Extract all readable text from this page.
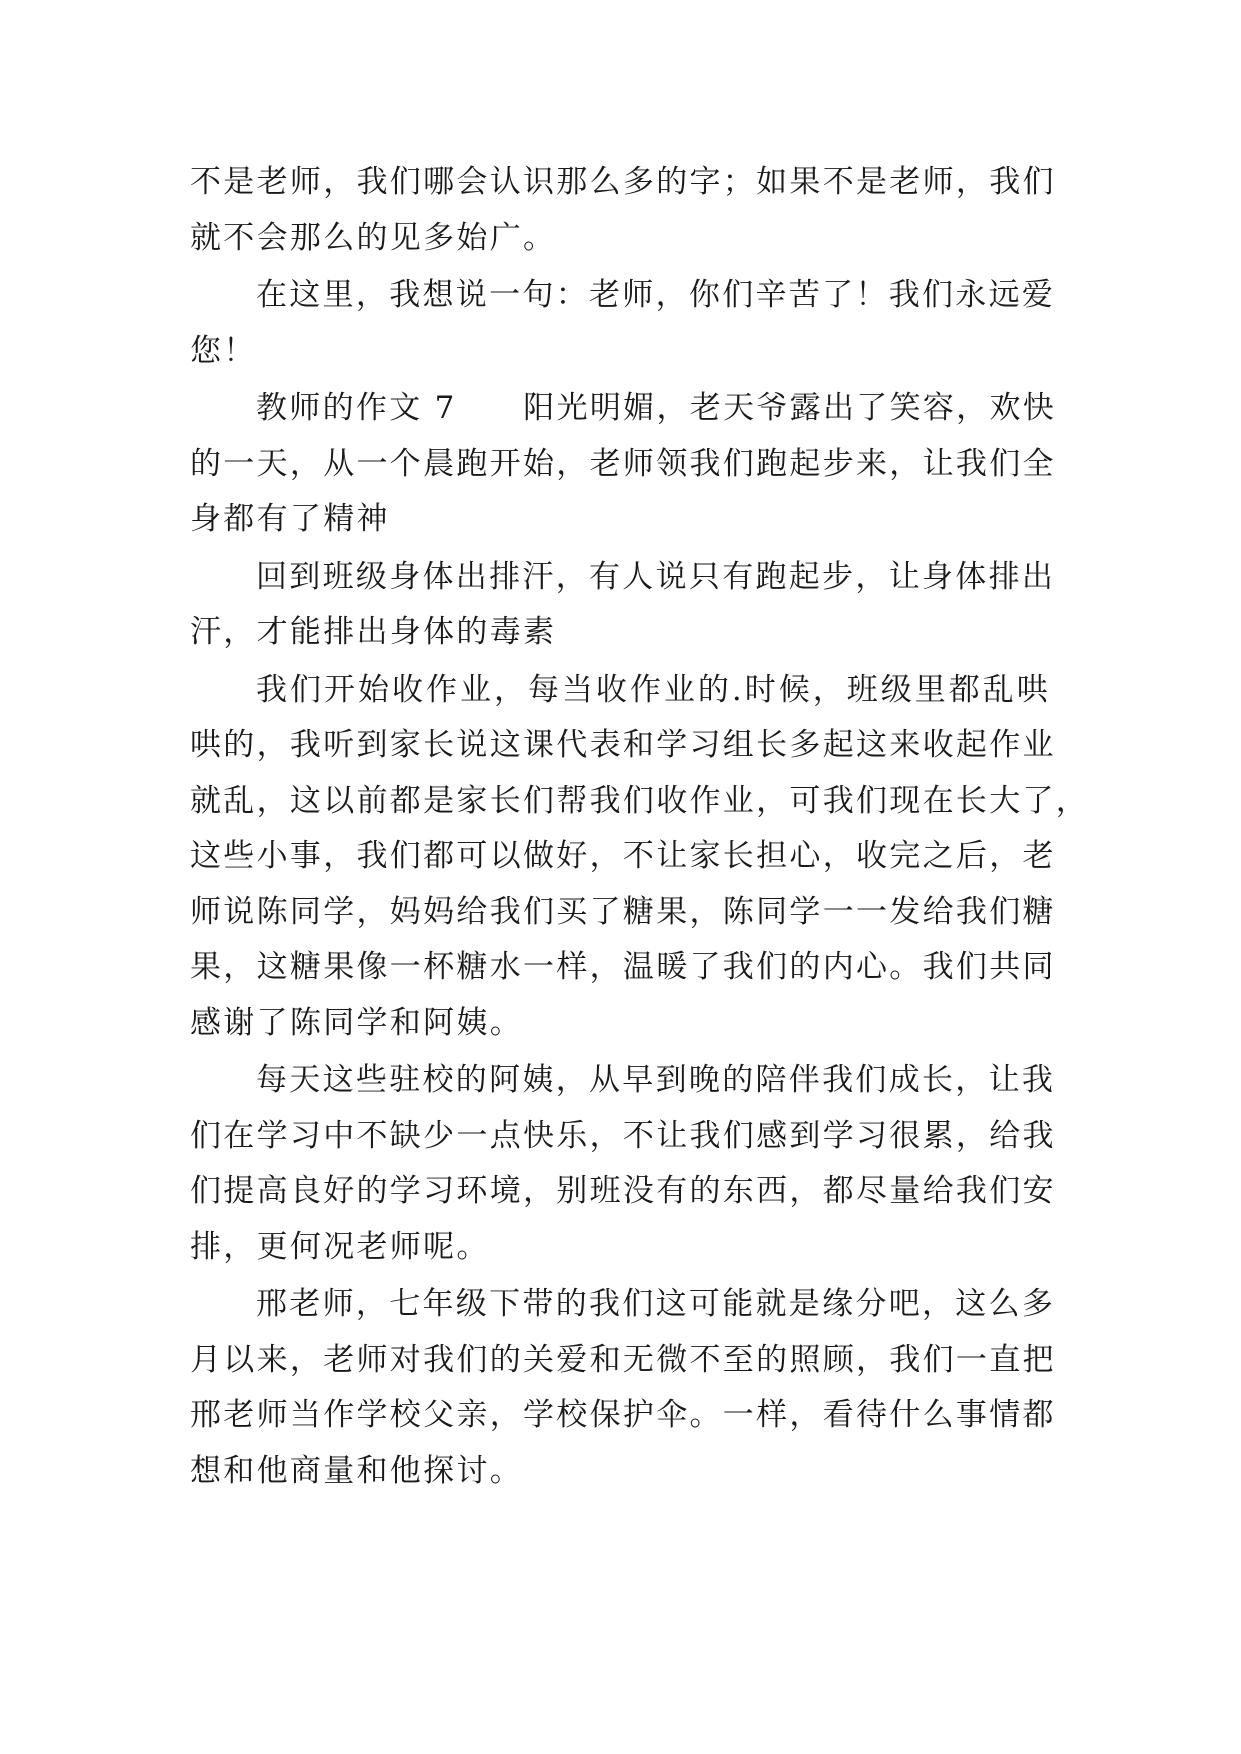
不是老师，我们哪会认识那么多的字；如果不是老师，我们
就不会那么的见多始广。

在这里，我想说一句：老师，你们辛苦了！我们永远爱
您！

教师的作文 7　　阳光明媚，老天爷露出了笑容，欢快
的一天，从一个晨跑开始，老师领我们跑起步来，让我们全
身都有了精神

回到班级身体出排汗，有人说只有跑起步，让身体排出
汗，才能排出身体的毒素

我们开始收作业，每当收作业的.时候，班级里都乱哄
哄的，我听到家长说这课代表和学习组长多起这来收起作业
就乱，这以前都是家长们帮我们收作业，可我们现在长大了，
这些小事，我们都可以做好，不让家长担心，收完之后，老
师说陈同学，妈妈给我们买了糖果，陈同学一一发给我们糖
果，这糖果像一杯糖水一样，温暖了我们的内心。我们共同
感谢了陈同学和阿姨。

每天这些驻校的阿姨，从早到晚的陪伴我们成长，让我
们在学习中不缺少一点快乐，不让我们感到学习很累，给我
们提高良好的学习环境，别班没有的东西，都尽量给我们安
排，更何况老师呢。

邢老师，七年级下带的我们这可能就是缘分吧，这么多
月以来，老师对我们的关爱和无微不至的照顾，我们一直把
邢老师当作学校父亲，学校保护伞。一样，看待什么事情都
想和他商量和他探讨。
